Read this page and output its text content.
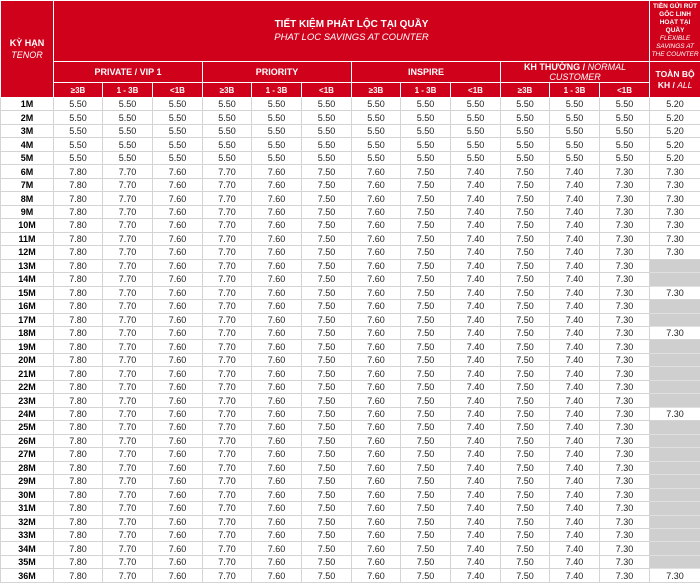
KỲ HẠN
TENOR	TIẾT KIỆM PHÁT LỘC TẠI QUẦY
PHAT LOC SAVINGS AT COUNTER												TIỀN GỬI RÚT GỐC LINH HOẠT TẠI QUẦY
FLEXIBLE SAVINGS AT THE COUNTER
	PRIVATE / VIP 1			PRIORITY			INSPIRE			KH THƯỜNG / NORMAL CUSTOMER			TOÀN BỘ
KH / ALL

	≥3B	1 - 3B	<1B	≥3B	1 - 3B	<1B	≥3B	1 - 3B	<1B	≥3B	1 - 3B	<1B	
1M	5.50	5.50	5.50	5.50	5.50	5.50	5.50	5.50	5.50	5.50	5.50	5.50	5.20
2M	5.50	5.50	5.50	5.50	5.50	5.50	5.50	5.50	5.50	5.50	5.50	5.50	5.20
3M	5.50	5.50	5.50	5.50	5.50	5.50	5.50	5.50	5.50	5.50	5.50	5.50	5.20
4M	5.50	5.50	5.50	5.50	5.50	5.50	5.50	5.50	5.50	5.50	5.50	5.50	5.20
5M	5.50	5.50	5.50	5.50	5.50	5.50	5.50	5.50	5.50	5.50	5.50	5.50	5.20
6M	7.80	7.70	7.60	7.70	7.60	7.50	7.60	7.50	7.40	7.50	7.40	7.30	7.30
7M	7.80	7.70	7.60	7.70	7.60	7.50	7.60	7.50	7.40	7.50	7.40	7.30	7.30
8M	7.80	7.70	7.60	7.70	7.60	7.50	7.60	7.50	7.40	7.50	7.40	7.30	7.30
9M	7.80	7.70	7.60	7.70	7.60	7.50	7.60	7.50	7.40	7.50	7.40	7.30	7.30
10M	7.80	7.70	7.60	7.70	7.60	7.50	7.60	7.50	7.40	7.50	7.40	7.30	7.30
11M	7.80	7.70	7.60	7.70	7.60	7.50	7.60	7.50	7.40	7.50	7.40	7.30	7.30
12M	7.80	7.70	7.60	7.70	7.60	7.50	7.60	7.50	7.40	7.50	7.40	7.30	7.30
13M	7.80	7.70	7.60	7.70	7.60	7.50	7.60	7.50	7.40	7.50	7.40	7.30	
14M	7.80	7.70	7.60	7.70	7.60	7.50	7.60	7.50	7.40	7.50	7.40	7.30	
15M	7.80	7.70	7.60	7.70	7.60	7.50	7.60	7.50	7.40	7.50	7.40	7.30	7.30
16M	7.80	7.70	7.60	7.70	7.60	7.50	7.60	7.50	7.40	7.50	7.40	7.30	
17M	7.80	7.70	7.60	7.70	7.60	7.50	7.60	7.50	7.40	7.50	7.40	7.30	
18M	7.80	7.70	7.60	7.70	7.60	7.50	7.60	7.50	7.40	7.50	7.40	7.30	7.30
19M	7.80	7.70	7.60	7.70	7.60	7.50	7.60	7.50	7.40	7.50	7.40	7.30	
20M	7.80	7.70	7.60	7.70	7.60	7.50	7.60	7.50	7.40	7.50	7.40	7.30	
21M	7.80	7.70	7.60	7.70	7.60	7.50	7.60	7.50	7.40	7.50	7.40	7.30	
22M	7.80	7.70	7.60	7.70	7.60	7.50	7.60	7.50	7.40	7.50	7.40	7.30	
23M	7.80	7.70	7.60	7.70	7.60	7.50	7.60	7.50	7.40	7.50	7.40	7.30	
24M	7.80	7.70	7.60	7.70	7.60	7.50	7.60	7.50	7.40	7.50	7.40	7.30	7.30
25M	7.80	7.70	7.60	7.70	7.60	7.50	7.60	7.50	7.40	7.50	7.40	7.30	
26M	7.80	7.70	7.60	7.70	7.60	7.50	7.60	7.50	7.40	7.50	7.40	7.30	
27M	7.80	7.70	7.60	7.70	7.60	7.50	7.60	7.50	7.40	7.50	7.40	7.30	
28M	7.80	7.70	7.60	7.70	7.60	7.50	7.60	7.50	7.40	7.50	7.40	7.30	
29M	7.80	7.70	7.60	7.70	7.60	7.50	7.60	7.50	7.40	7.50	7.40	7.30	
30M	7.80	7.70	7.60	7.70	7.60	7.50	7.60	7.50	7.40	7.50	7.40	7.30	
31M	7.80	7.70	7.60	7.70	7.60	7.50	7.60	7.50	7.40	7.50	7.40	7.30	
32M	7.80	7.70	7.60	7.70	7.60	7.50	7.60	7.50	7.40	7.50	7.40	7.30	
33M	7.80	7.70	7.60	7.70	7.60	7.50	7.60	7.50	7.40	7.50	7.40	7.30	
34M	7.80	7.70	7.60	7.70	7.60	7.50	7.60	7.50	7.40	7.50	7.40	7.30	
35M	7.80	7.70	7.60	7.70	7.60	7.50	7.60	7.50	7.40	7.50	7.40	7.30	
36M	7.80	7.70	7.60	7.70	7.60	7.50	7.60	7.50	7.40	7.50	7.40	7.30	7.30
